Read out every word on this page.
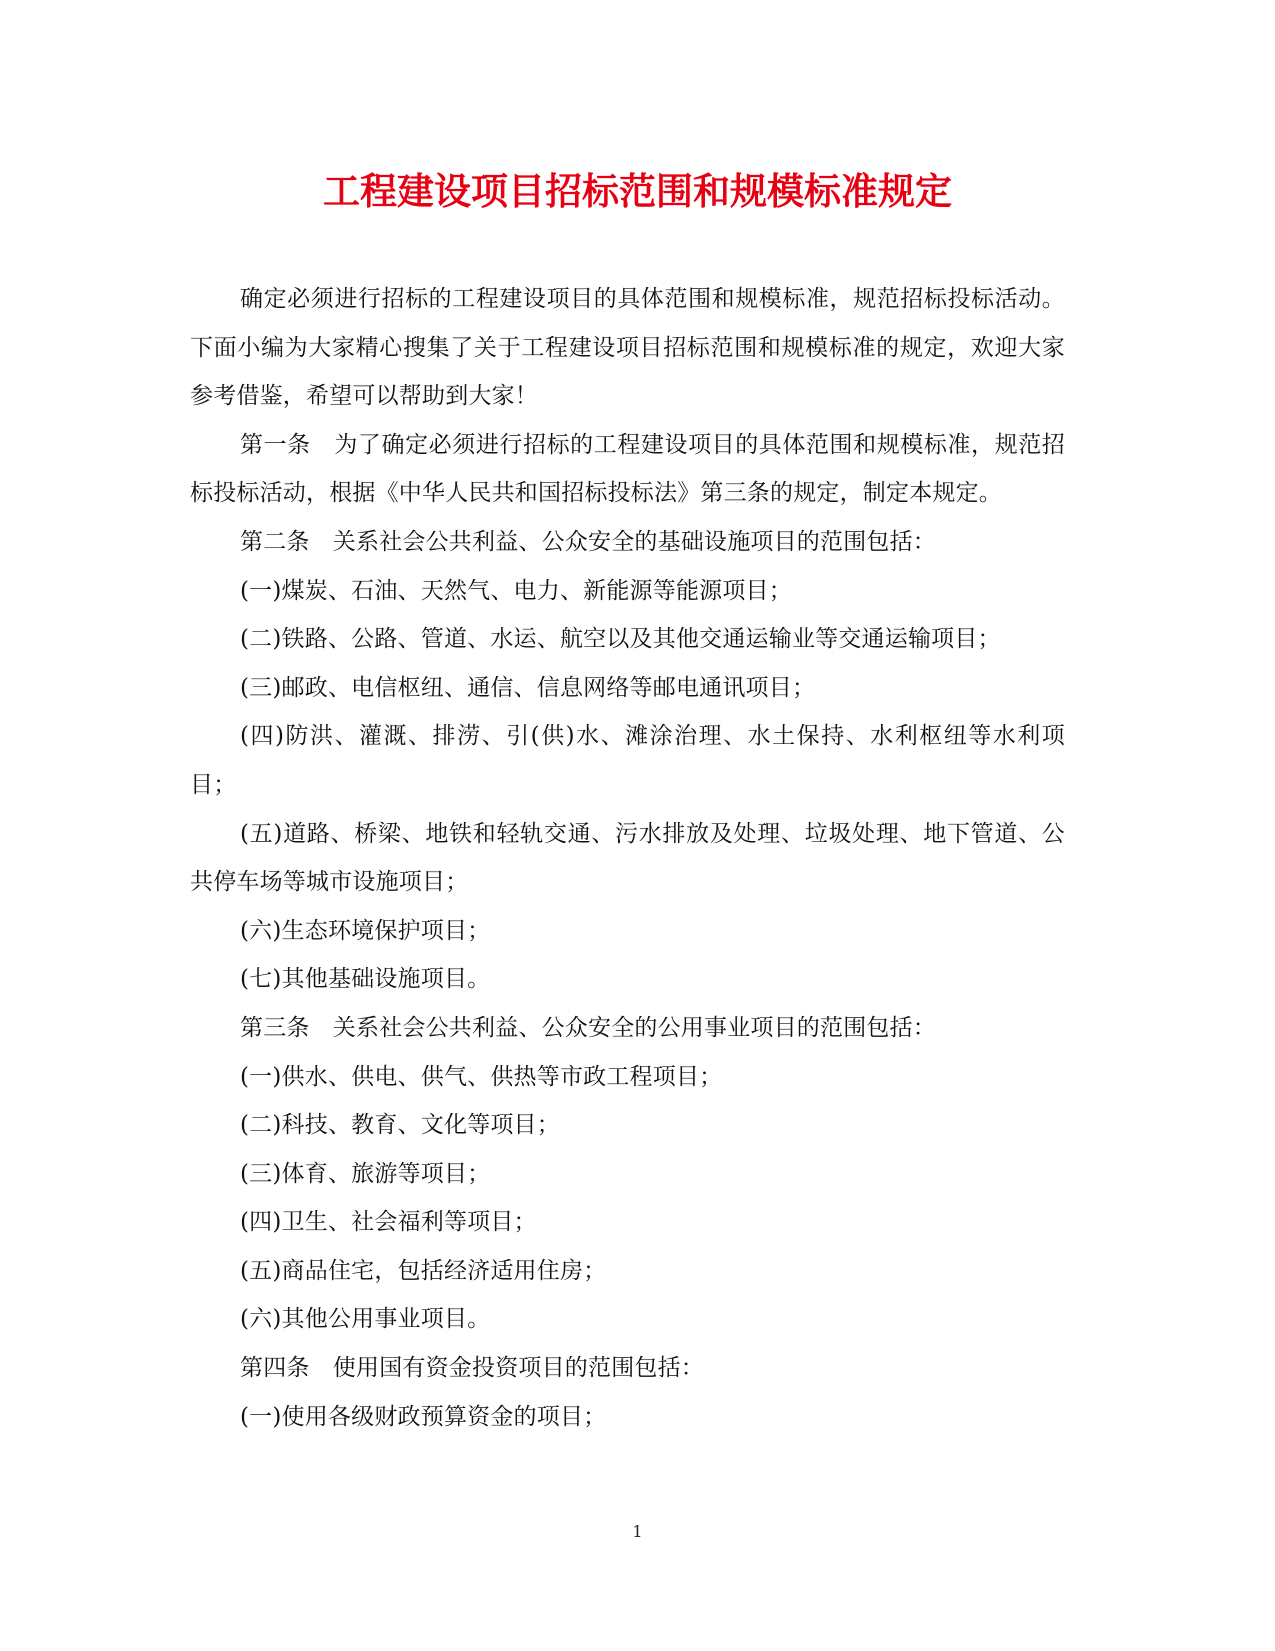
工程建设项目招标范围和规模标准规定

确定必须进行招标的工程建设项目的具体范围和规模标准，规范招标投标活动。下面小编为大家精心搜集了关于工程建设项目招标范围和规模标准的规定，欢迎大家参考借鉴，希望可以帮助到大家！

第一条　为了确定必须进行招标的工程建设项目的具体范围和规模标准，规范招标投标活动，根据《中华人民共和国招标投标法》第三条的规定，制定本规定。

第二条　关系社会公共利益、公众安全的基础设施项目的范围包括：

(一)煤炭、石油、天然气、电力、新能源等能源项目；

(二)铁路、公路、管道、水运、航空以及其他交通运输业等交通运输项目；

(三)邮政、电信枢纽、通信、信息网络等邮电通讯项目；

(四)防洪、灌溉、排涝、引(供)水、滩涂治理、水土保持、水利枢纽等水利项目；

(五)道路、桥梁、地铁和轻轨交通、污水排放及处理、垃圾处理、地下管道、公共停车场等城市设施项目；

(六)生态环境保护项目；

(七)其他基础设施项目。

第三条　关系社会公共利益、公众安全的公用事业项目的范围包括：

(一)供水、供电、供气、供热等市政工程项目；

(二)科技、教育、文化等项目；

(三)体育、旅游等项目；

(四)卫生、社会福利等项目；

(五)商品住宅，包括经济适用住房；

(六)其他公用事业项目。

第四条　使用国有资金投资项目的范围包括：

(一)使用各级财政预算资金的项目；

1
